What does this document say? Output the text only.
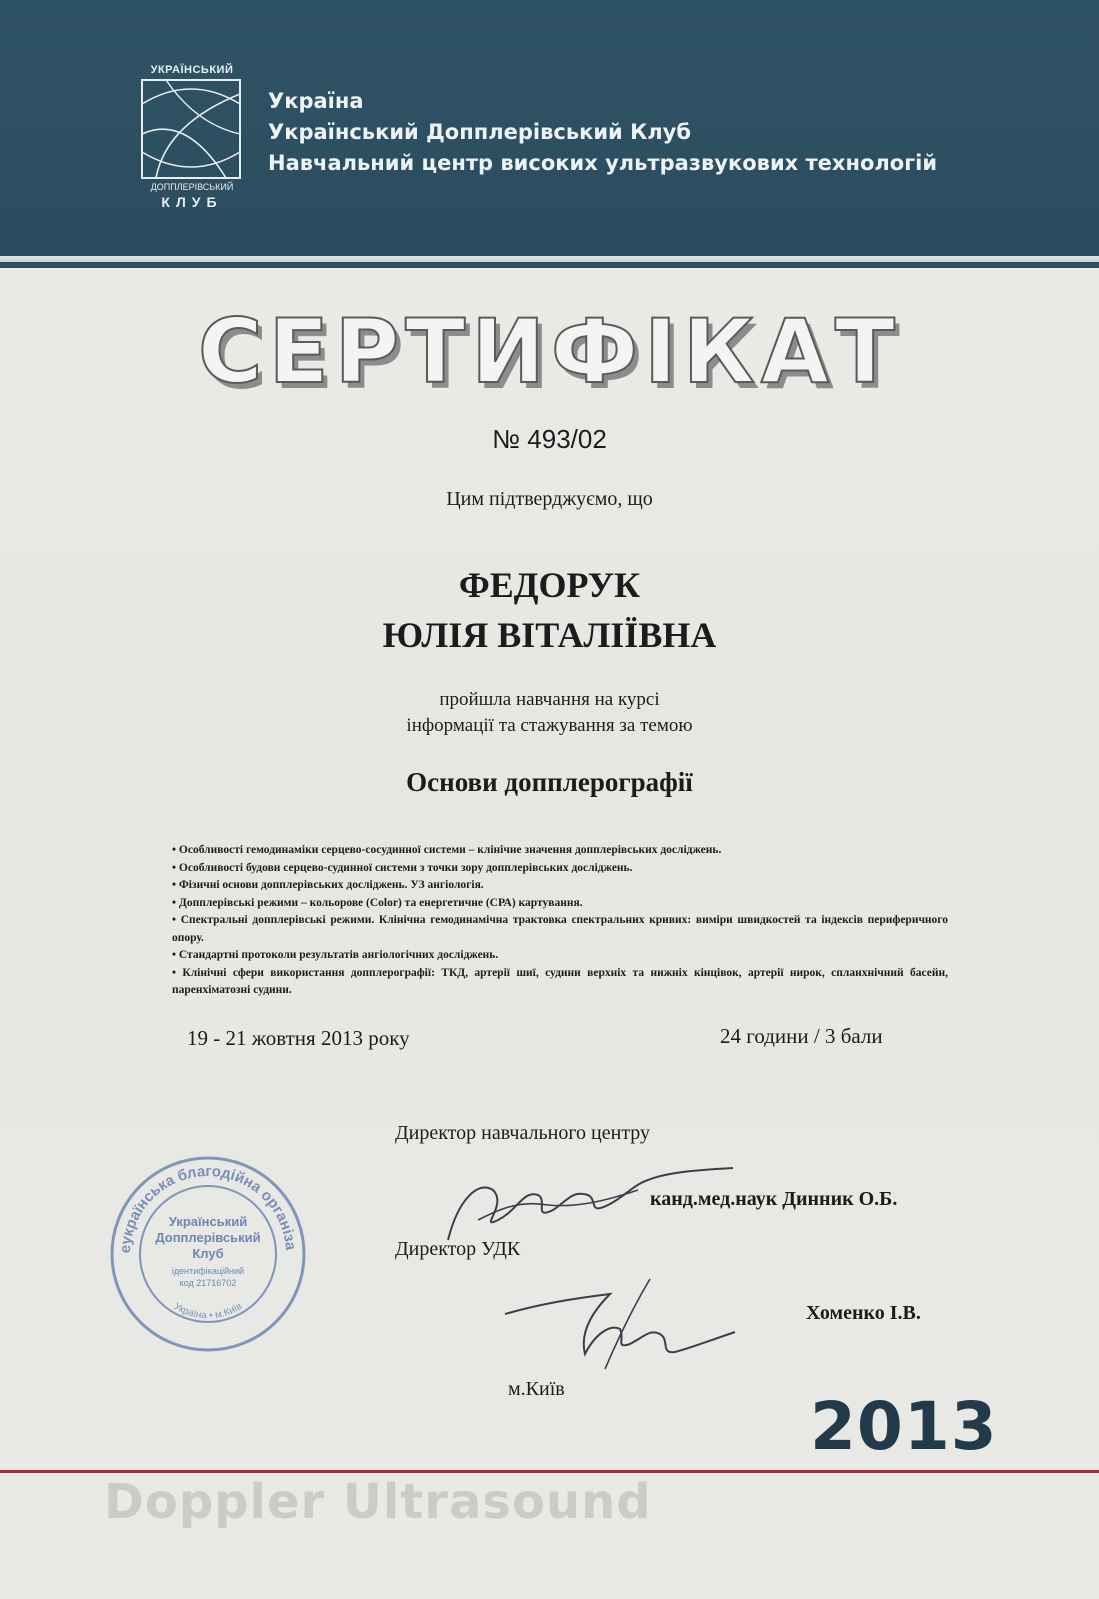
УКРАЇНСЬКИЙ
ДОППЛЕРІВСЬКИЙ
КЛУБ
Україна
Український Допплерівський Клуб
Навчальний центр високих ультразвукових технологій
СЕРТИФІКАТ
№ 493/02
Цим підтверджуємо, що
ФЕДОРУК
ЮЛІЯ ВІТАЛІЇВНА
пройшла навчання на курсі
інформації та стажування за темою
Основи допплерографії
• Особливості гемодинаміки серцево-сосудинної системи – клінічне значення допплерівських досліджень.
• Особливості будови серцево-судинної системи з точки зору допплерівських досліджень.
• Фізичні основи допплерівських досліджень. УЗ ангіологія.
• Допплерівські режими – кольорове (Color) та енергетичне (СРА) картування.
• Спектральні допплерівські режими. Клінічна гемодинамічна трактовка спектральних кривих: виміри швидкостей та індексів периферичного опору.
• Стандартні протоколи результатів ангіологічних досліджень.
• Клінічні сфери використання допплерографії: ТКД, артерії шиї, судини верхніх та нижніх кінцівок, артерії нирок, спланхнічний басейн, паренхіматозні судини.
19 - 21 жовтня 2013 року	24 години / 3 бали
еукраїнська благодійна організа
Україна • м.Київ
Український
Допплерівський
Клуб
ідентифікаційний
код 21716702
Директор навчального центру
канд.мед.наук Динник О.Б.
Директор УДК
Хоменко І.В.
м.Київ	2013
Doppler Ultrasound
